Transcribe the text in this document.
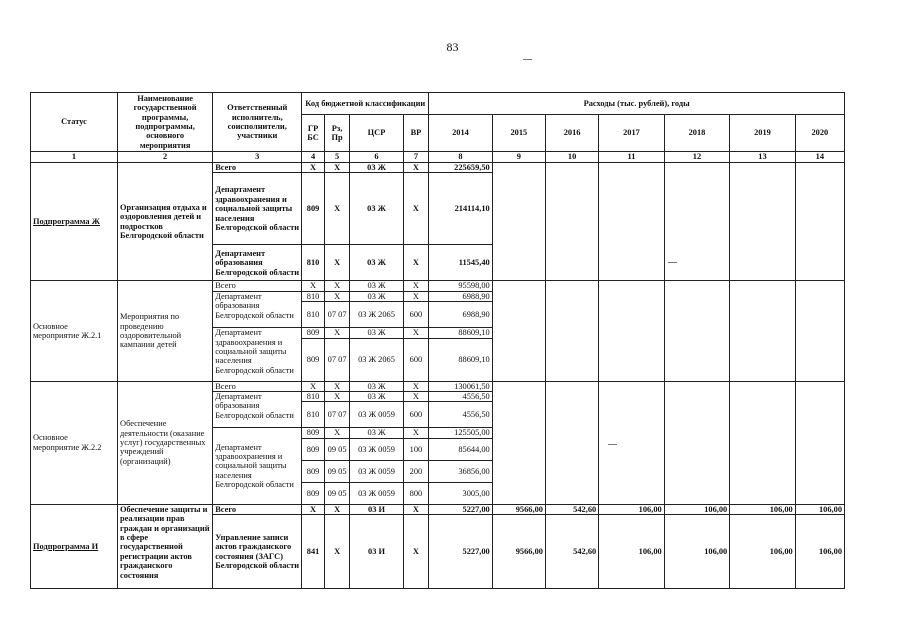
83
Статус	Наименование государственной программы, подпрограммы, основного мероприятия	Ответственный исполнитель, соисполнители, участники	Код бюджетной классификации				Расходы (тыс. рублей), годы						
			ГР БС	Рз, Пр	ЦСР	ВР	2014	2015	2016	2017	2018	2019	2020
1	2	3	4	5	6	7	8	9	10	11	12	13	14
Подпрограмма Ж	Организация отдыха и оздоровления детей и подростков Белгородской области	Всего	Х	Х	03 Ж	Х	225659,50						
		Департамент здравоохранения и социальной защиты населения Белгородской области	809	Х	03 Ж	Х	214114,10						
		Департамент образования Белгородской области	810	Х	03 Ж	Х	11545,40						
Основное мероприятие Ж.2.1	Мероприятия по проведению оздоровительной кампании детей	Всего	Х	Х	03 Ж	Х	95598,00						
		Департамент образования Белгородской области	810	Х	03 Ж	Х	6988,90						
			810	07 07	03 Ж 2065	600	6988,90						
		Департамент здравоохранения и социальной защиты населения Белгородской области	809	Х	03 Ж	Х	88609,10						
			809	07 07	03 Ж 2065	600	88609,10						
Основное мероприятие Ж.2.2	Обеспечение деятельности (оказание услуг) государственных учреждений (организаций)	Всего	Х	Х	03 Ж	Х	130061,50						
		Департамент образования Белгородской области	810	Х	03 Ж	Х	4556,50						
			810	07 07	03 Ж 0059	600	4556,50						
		Департамент здравоохранения и социальной защиты населения Белгородской области	809	Х	03 Ж	Х	125505,00						
			809	09 05	03 Ж 0059	100	85644,00						
			809	09 05	03 Ж 0059	200	36856,00						
			809	09 05	03 Ж 0059	800	3005,00						
Подпрограмма И	Обеспечение защиты и реализации прав граждан и организаций в сфере государственной регистрации актов гражданского состояния	Всего	Х	Х	03 И	Х	5227,00	9566,00	542,60	106,00	106,00	106,00	106,00
		Управление записи актов гражданского состояния (ЗАГС) Белгородской области	841	Х	03 И	Х	5227,00	9566,00	542,60	106,00	106,00	106,00	106,00
